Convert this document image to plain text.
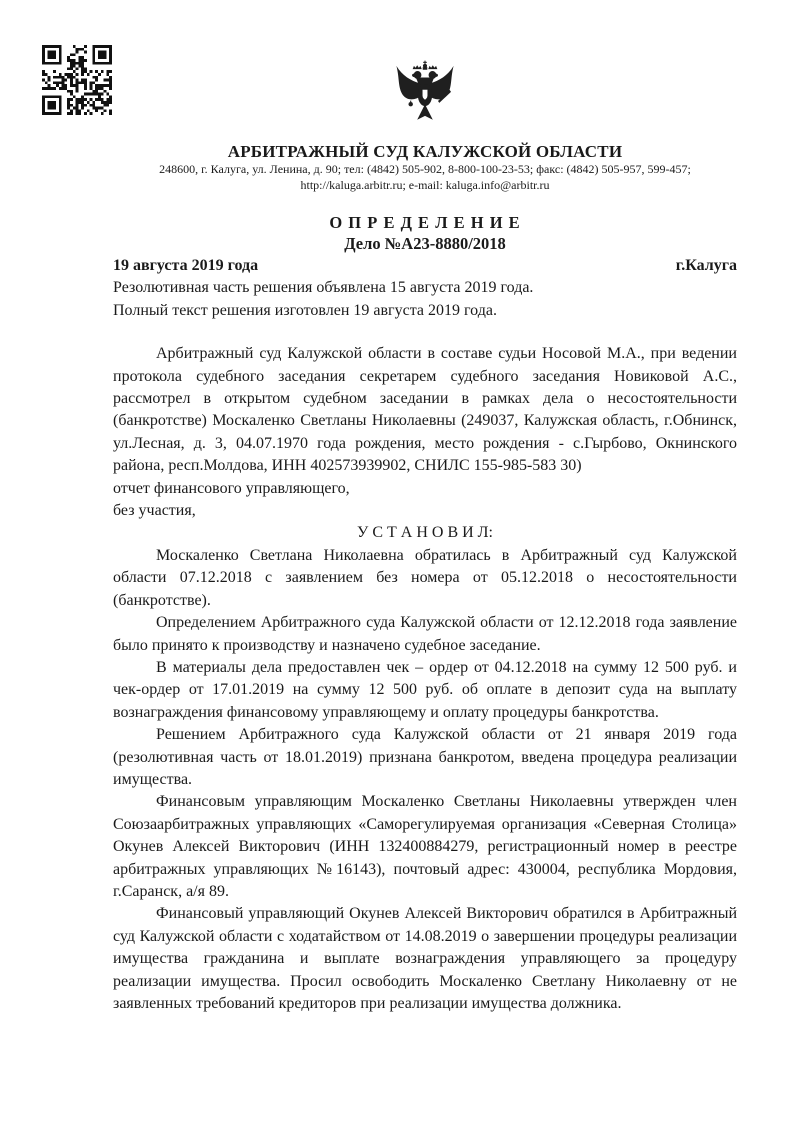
АРБИТРАЖНЫЙ СУД КАЛУЖСКОЙ ОБЛАСТИ
248600, г. Калуга, ул. Ленина, д. 90; тел: (4842) 505-902, 8-800-100-23-53; факс: (4842) 505-957, 599-457;
http://kaluga.arbitr.ru; e-mail: kaluga.info@arbitr.ru
О П Р Е Д Е Л Е Н И Е
Дело №А23-8880/2018
19 августа 2019 года	г.Калуга
Резолютивная часть решения объявлена 15 августа 2019 года.
Полный текст решения изготовлен 19 августа 2019 года.

Арбитражный суд Калужской области в составе судьи Носовой М.А., при ведении протокола судебного заседания секретарем судебного заседания Новиковой А.С., рассмотрел в открытом судебном заседании в рамках дела о несостоятельности (банкротстве) Москаленко Светланы Николаевны (249037, Калужская область, г.Обнинск, ул.Лесная, д. 3, 04.07.1970 года рождения, место рождения - с.Гырбово, Окнинского района, респ.Молдова, ИНН 402573939902, СНИЛС 155-985-583 30)

отчет финансового управляющего,
без участия,
У С Т А Н О В И Л:

Москаленко Светлана Николаевна обратилась в Арбитражный суд Калужской области 07.12.2018 с заявлением без номера от 05.12.2018 о несостоятельности (банкротстве).

Определением Арбитражного суда Калужской области от 12.12.2018 года заявление было принято к производству и назначено судебное заседание.

В материалы дела предоставлен чек – ордер от 04.12.2018 на сумму 12 500 руб. и чек-ордер от 17.01.2019 на сумму 12 500 руб. об оплате в депозит суда на выплату вознаграждения финансовому управляющему и оплату процедуры банкротства.

Решением Арбитражного суда Калужской области от 21 января 2019 года (резолютивная часть от 18.01.2019) признана банкротом, введена процедура реализации имущества.

Финансовым управляющим Москаленко Светланы Николаевны утвержден член Союзаарбитражных управляющих «Саморегулируемая организация «Северная Столица» Окунев Алексей Викторович (ИНН 132400884279, регистрационный номер в реестре арбитражных управляющих №16143), почтовый адрес: 430004, республика Мордовия, г.Саранск, а/я 89.

Финансовый управляющий Окунев Алексей Викторович обратился в Арбитражный суд Калужской области с ходатайством от 14.08.2019 о завершении процедуры реализации имущества гражданина и выплате вознаграждения управляющего за процедуру реализации имущества. Просил освободить Москаленко Светлану Николаевну от не заявленных требований кредиторов при реализации имущества должника.
